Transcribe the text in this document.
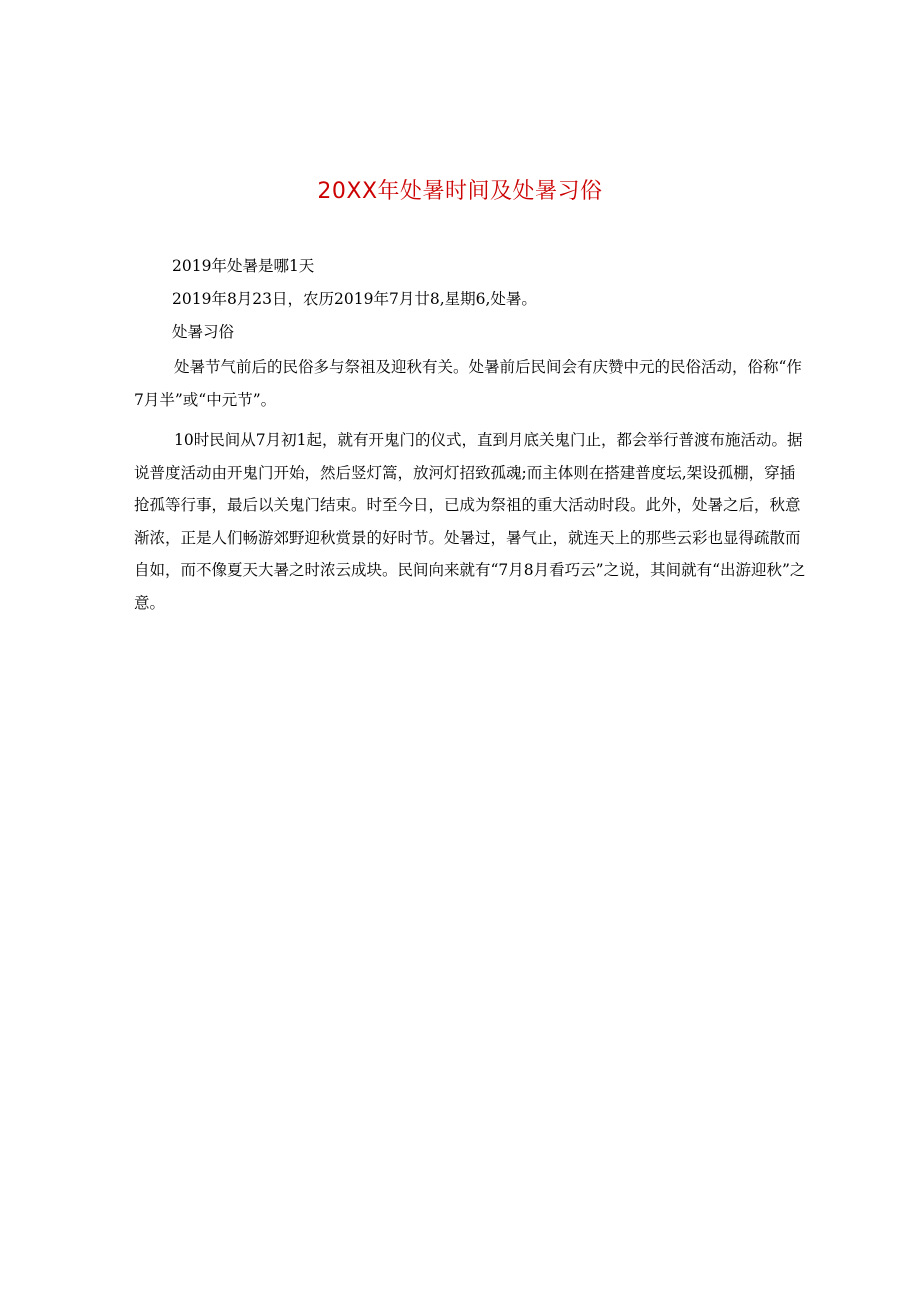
20XX年处暑时间及处暑习俗
2019年处暑是哪1天
2019年8月23日，农历2019年7月廿8,星期6,处暑。
处暑习俗

处暑节气前后的民俗多与祭祖及迎秋有关。处暑前后民间会有庆赞中元的民俗活动，俗称“作7月半”或“中元节”。

10时民间从7月初1起，就有开鬼门的仪式，直到月底关鬼门止，都会举行普渡布施活动。据说普度活动由开鬼门开始，然后竖灯篙，放河灯招致孤魂;而主体则在搭建普度坛,架设孤棚，穿插抢孤等行事，最后以关鬼门结束。时至今日，已成为祭祖的重大活动时段。此外，处暑之后，秋意渐浓，正是人们畅游郊野迎秋赏景的好时节。处暑过，暑气止，就连天上的那些云彩也显得疏散而自如，而不像夏天大暑之时浓云成块。民间向来就有“7月8月看巧云”之说，其间就有“出游迎秋”之意。
